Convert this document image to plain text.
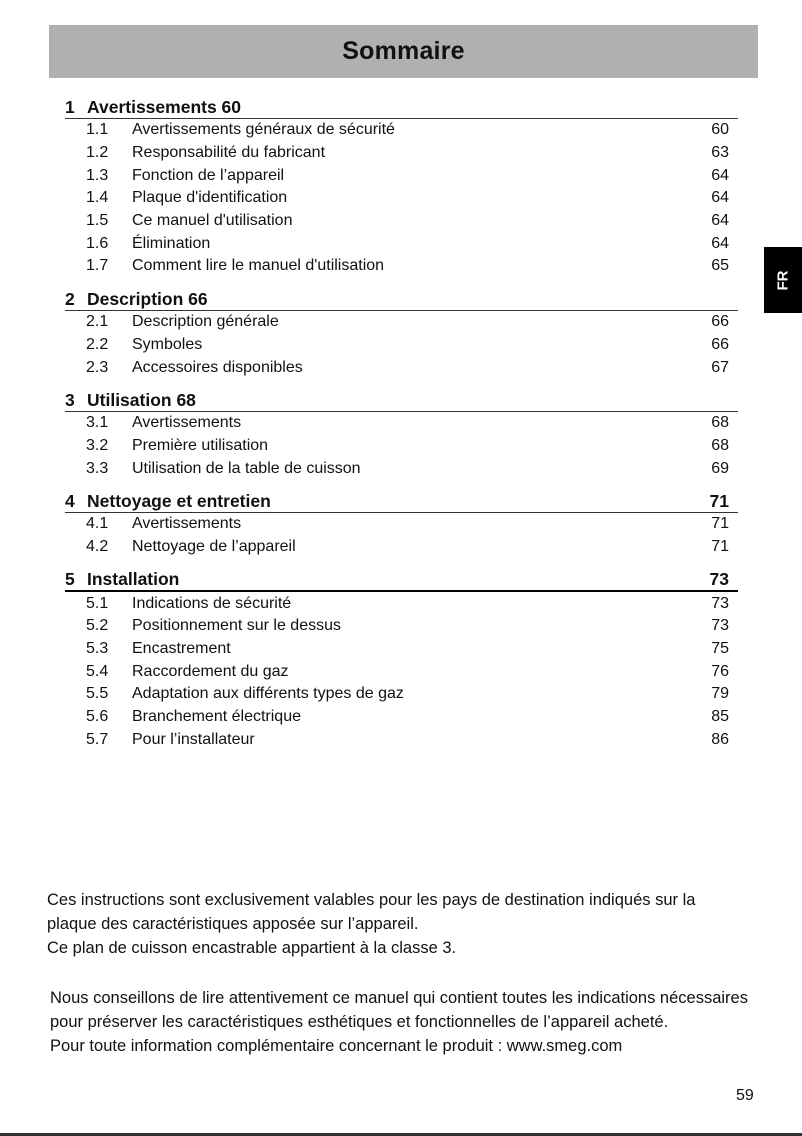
Sommaire
FR
1 Avertissements 60
1.1	Avertissements généraux de sécurité	60
1.2	Responsabilité du fabricant	63
1.3	Fonction de l’appareil	64
1.4	Plaque d'identification	64
1.5	Ce manuel d'utilisation	64
1.6	Élimination	64
1.7	Comment lire le manuel d'utilisation	65
2 Description 66
2.1	Description générale	66
2.2	Symboles	66
2.3	Accessoires disponibles	67
3 Utilisation 68
3.1	Avertissements	68
3.2	Première utilisation	68
3.3	Utilisation de la table de cuisson	69
4 Nettoyage et entretien	71
4.1	Avertissements	71
4.2	Nettoyage de l’appareil	71
5 Installation	73
5.1	Indications de sécurité	73
5.2	Positionnement sur le dessus	73
5.3	Encastrement	75
5.4	Raccordement du gaz	76
5.5	Adaptation aux différents types de gaz	79
5.6	Branchement électrique	85
5.7	Pour l’installateur	86

Ces instructions sont exclusivement valables pour les pays de destination indiqués sur la plaque des caractéristiques apposée sur l’appareil.

Ce plan de cuisson encastrable appartient à la classe 3.

Nous conseillons de lire attentivement ce manuel qui contient toutes les indications nécessaires pour préserver les caractéristiques esthétiques et fonctionnelles de l’appareil acheté.

Pour toute information complémentaire concernant le produit : www.smeg.com

59
